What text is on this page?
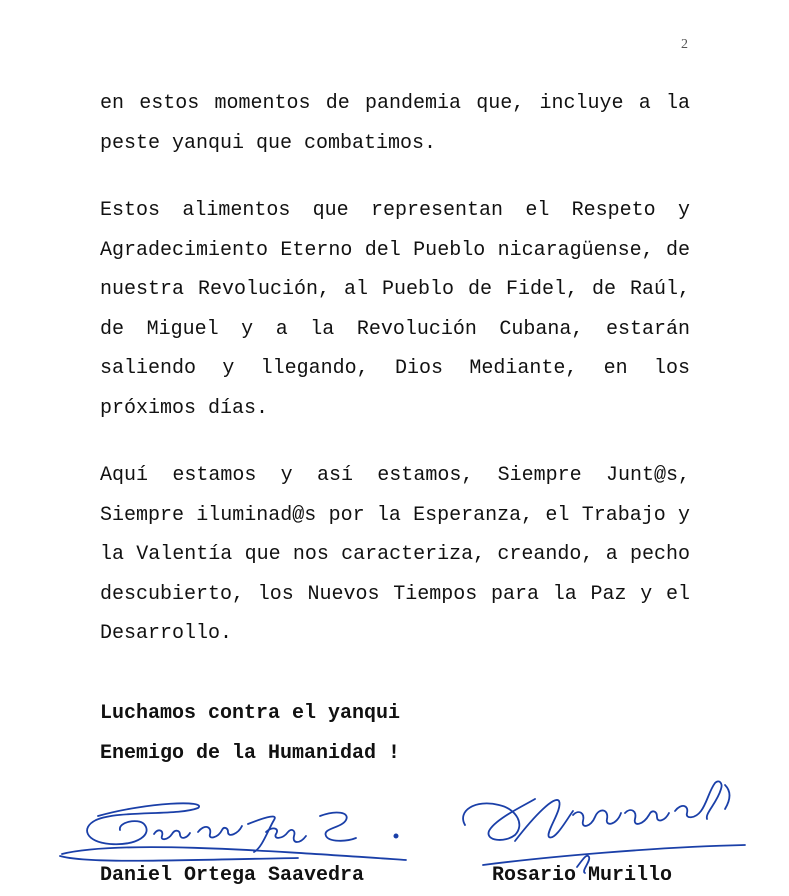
2

en estos momentos de pandemia que, incluye a la peste yanqui que combatimos.

Estos alimentos que representan el Respeto y Agradecimiento Eterno del Pueblo nicaragüense, de nuestra Revolución, al Pueblo de Fidel, de Raúl, de Miguel y a la Revolución Cubana, estarán saliendo y llegando, Dios Mediante, en los próximos días.

Aquí estamos y así estamos, Siempre Junt@s, Siempre iluminad@s por la Esperanza, el Trabajo y la Valentía que nos caracteriza, creando, a pecho descubierto, los Nuevos Tiempos para la Paz y el Desarrollo.

Luchamos contra el yanqui
Enemigo de la Humanidad !
Daniel Ortega Saavedra	Rosario Murillo
